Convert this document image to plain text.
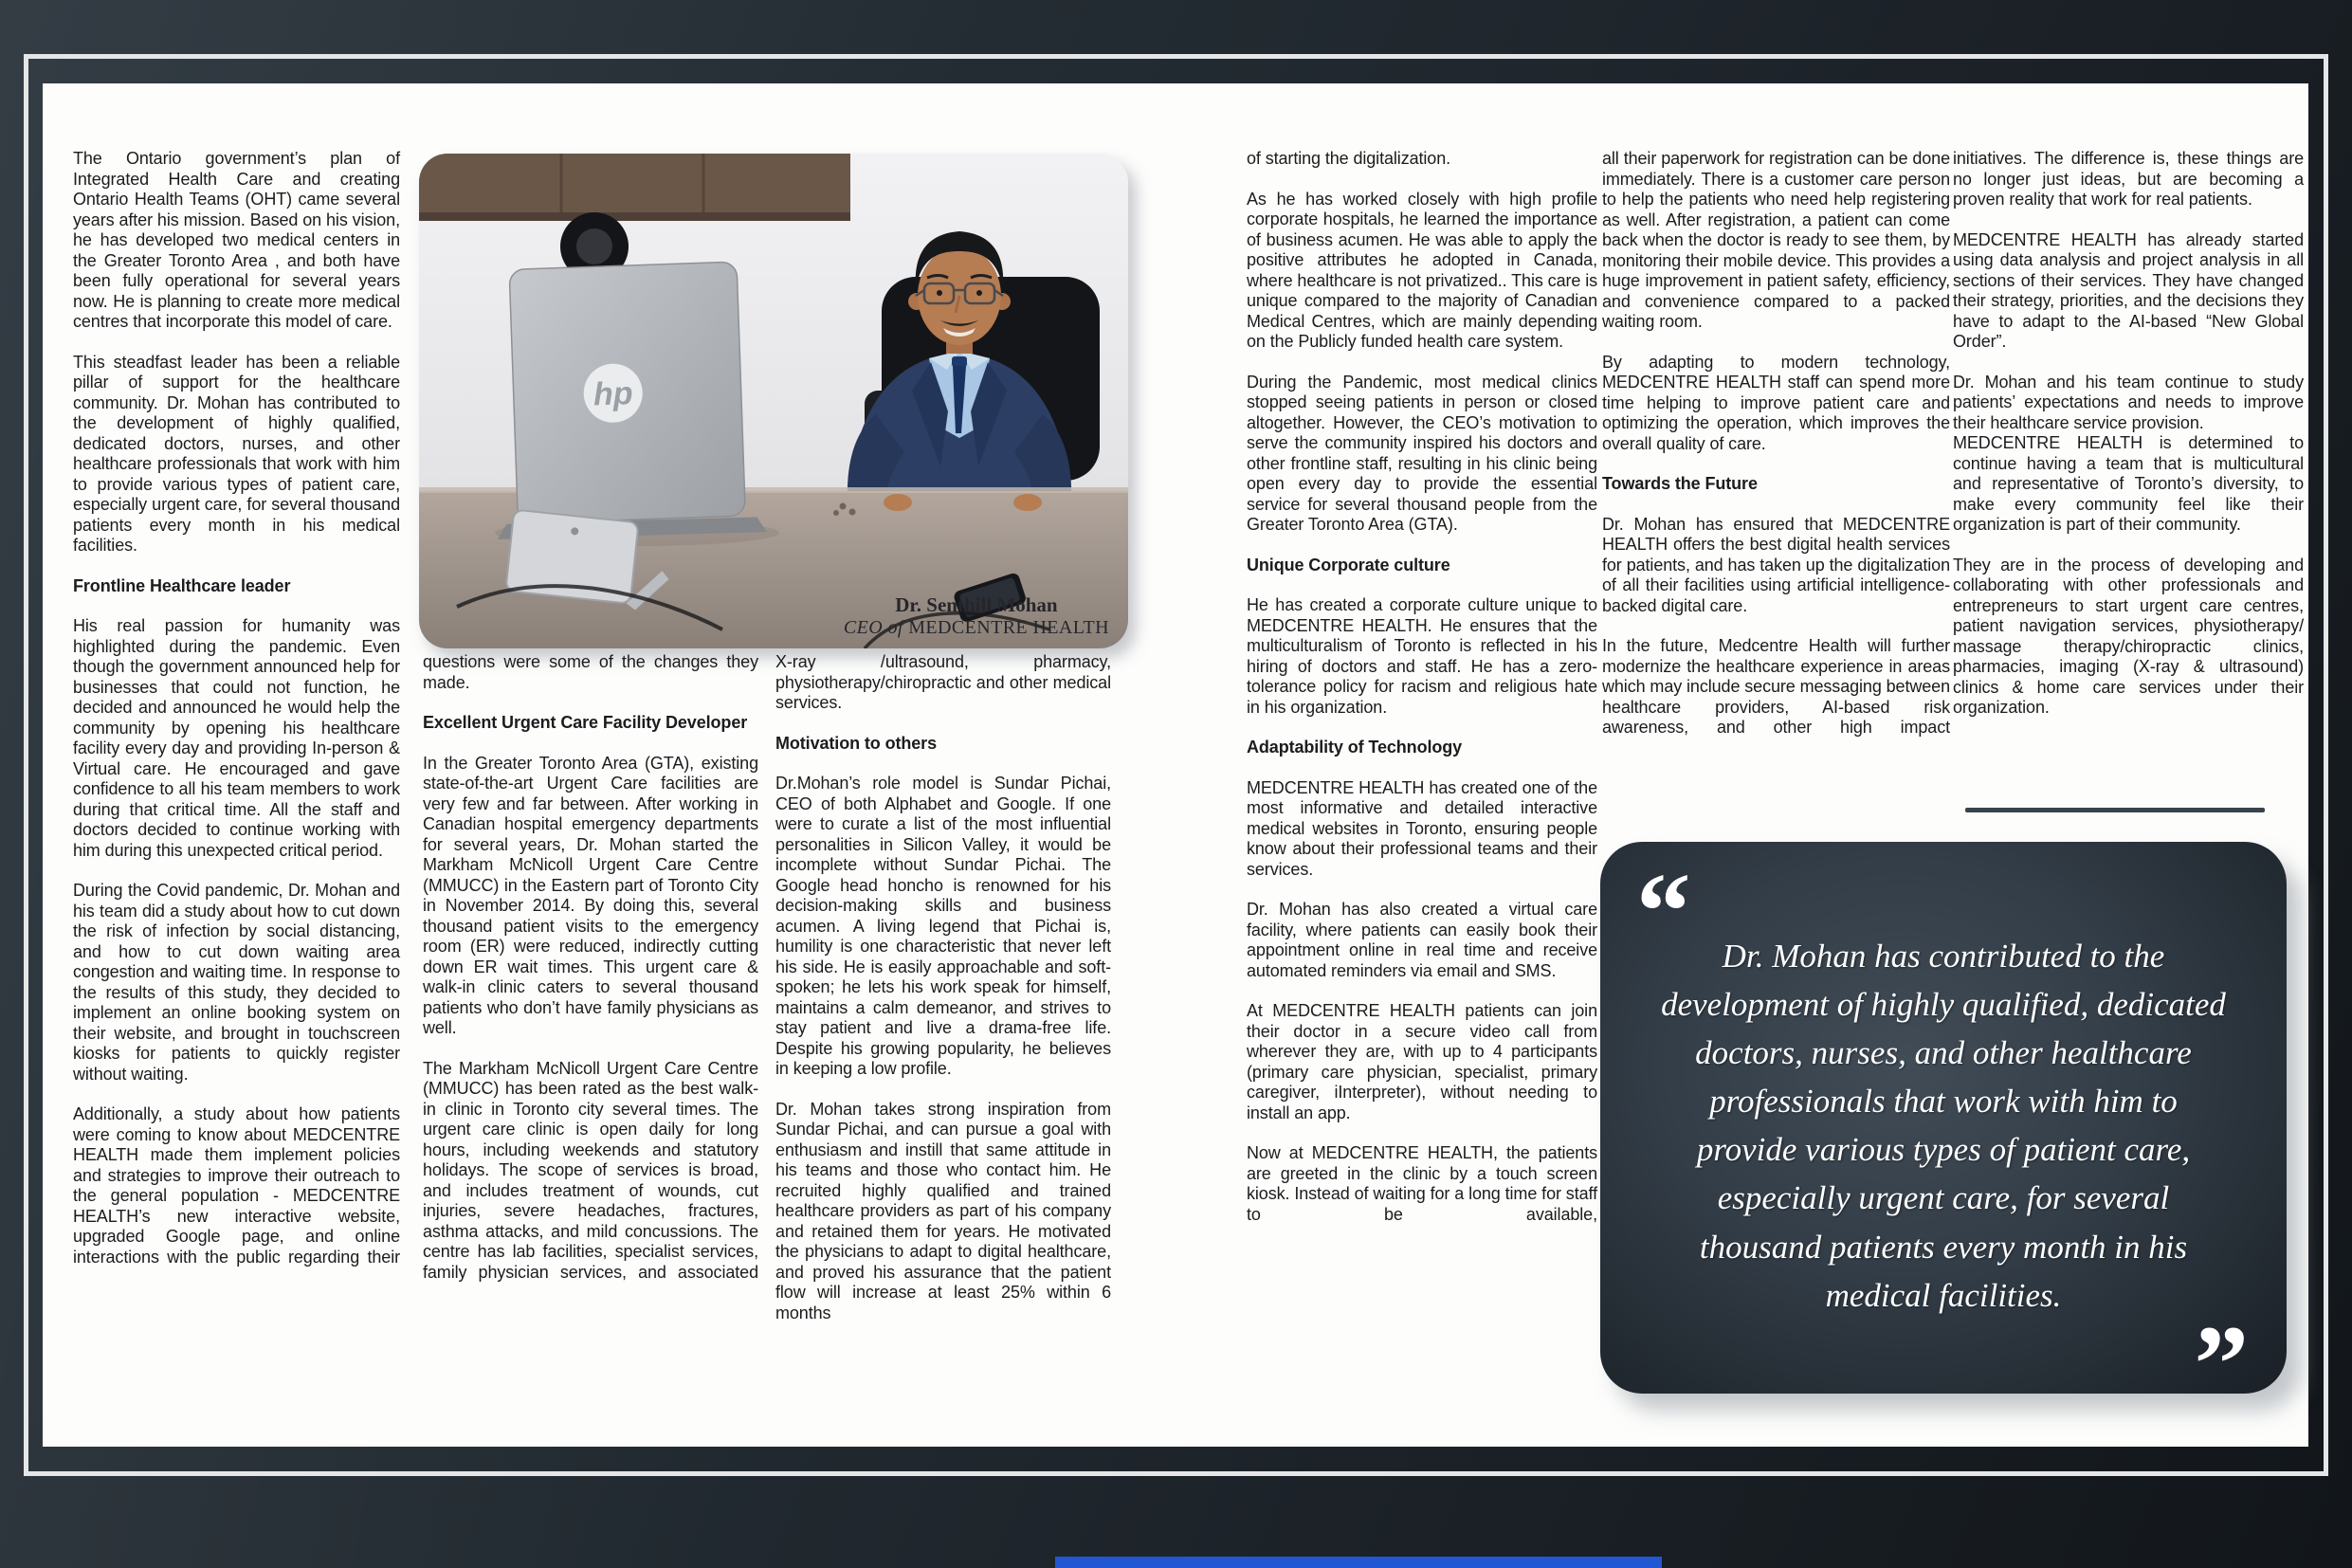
hp
Dr. Senthill Mohan
CEO of MEDCENTRE HEALTH

The Ontario government’s plan of Integrated Health Care and creating Ontario Health Teams (OHT) came several years after his mission. Based on his vision, he has developed two medical centers in the Greater Toronto Area , and both have been fully operational for several years now. He is planning to create more medical centres that incorporate this model of care.

This steadfast leader has been a reliable pillar of support for the healthcare community. Dr. Mohan has contributed to the development of highly qualified, dedicated doctors, nurses, and other healthcare professionals that work with him to provide various types of patient care, especially urgent care, for several thousand patients every month in his medical facilities.

Frontline Healthcare leader

His real passion for humanity was highlighted during the pandemic. Even though the government announced help for businesses that could not function, he decided and announced he would help the community by opening his healthcare facility every day and providing In-person & Virtual care. He encouraged and gave confidence to all his team members to work during that critical time. All the staff and doctors decided to continue working with him during this unexpected critical period.

During the Covid pandemic, Dr. Mohan and his team did a study about how to cut down the risk of infection by social distancing, and how to cut down waiting area congestion and waiting time. In response to the results of this study, they decided to implement an online booking system on their website, and brought in touchscreen kiosks for patients to quickly register without waiting.

Additionally, a study about how patients were coming to know about MEDCENTRE HEALTH made them implement policies and strategies to improve their outreach to the general population - MEDCENTRE HEALTH’s new interactive website, upgraded Google page, and online interactions with the public regarding their

questions were some of the changes they made.

Excellent Urgent Care Facility Developer

In the Greater Toronto Area (GTA), existing state-of-the-art Urgent Care facilities are very few and far between. After working in Canadian hospital emergency departments for several years, Dr. Mohan started the Markham McNicoll Urgent Care Centre (MMUCC) in the Eastern part of Toronto City in November 2014. By doing this, several thousand patient visits to the emergency room (ER) were reduced, indirectly cutting down ER wait times. This urgent care & walk-in clinic caters to several thousand patients who don’t have family physicians as well.

The Markham McNicoll Urgent Care Centre (MMUCC) has been rated as the best walk-in clinic in Toronto city several times. The urgent care clinic is open daily for long hours, including weekends and statutory holidays. The scope of services is broad, and includes treatment of wounds, cut injuries, severe headaches, fractures, asthma attacks, and mild concussions. The centre has lab facilities, specialist services, family physician services, and associated

X-ray /ultrasound, pharmacy, physiotherapy/chiropractic and other medical services.

Motivation to others

Dr.Mohan’s role model is Sundar Pichai, CEO of both Alphabet and Google. If one were to curate a list of the most influential personalities in Silicon Valley, it would be incomplete without Sundar Pichai. The Google head honcho is renowned for his decision-making skills and business acumen. A living legend that Pichai is, humility is one characteristic that never left his side. He is easily approachable and soft-spoken; he lets his work speak for himself, maintains a calm demeanor, and strives to stay patient and live a drama-free life. Despite his growing popularity, he believes in keeping a low profile.

Dr. Mohan takes strong inspiration from Sundar Pichai, and can pursue a goal with enthusiasm and instill that same attitude in his teams and those who contact him. He recruited highly qualified and trained healthcare providers as part of his company and retained them for years. He motivated the physicians to adapt to digital healthcare, and proved his assurance that the patient flow will increase at least 25% within 6 months

of starting the digitalization.

As he has worked closely with high profile corporate hospitals, he learned the importance of business acumen. He was able to apply the positive attributes he adopted in Canada, where healthcare is not privatized.. This care is unique compared to the majority of Canadian Medical Centres, which are mainly depending on the Publicly funded health care system.

During the Pandemic, most medical clinics stopped seeing patients in person or closed altogether. However, the CEO’s motivation to serve the community inspired his doctors and other frontline staff, resulting in his clinic being open every day to provide the essential service for several thousand people from the Greater Toronto Area (GTA).

Unique Corporate culture

He has created a corporate culture unique to MEDCENTRE HEALTH. He ensures that the multiculturalism of Toronto is reflected in his hiring of doctors and staff. He has a zero-tolerance policy for racism and religious hate in his organization.

Adaptability of Technology

MEDCENTRE HEALTH has created one of the most informative and detailed interactive medical websites in Toronto, ensuring people know about their professional teams and their services.

Dr. Mohan has also created a virtual care facility, where patients can easily book their appointment online in real time and receive automated reminders via email and SMS.

At MEDCENTRE HEALTH patients can join their doctor in a secure video call from wherever they are, with up to 4 participants (primary care physician, specialist, primary caregiver, iInterpreter), without needing to install an app.

Now at MEDCENTRE HEALTH, the patients are greeted in the clinic by a touch screen kiosk. Instead of waiting for a long time for staff to be available,

all their paperwork for registration can be done immediately. There is a customer care person to help the patients who need help registering as well. After registration, a patient can come back when the doctor is ready to see them, by monitoring their mobile device. This provides a huge improvement in patient safety, efficiency, and convenience compared to a packed waiting room.

By adapting to modern technology, MEDCENTRE HEALTH staff can spend more time helping to improve patient care and optimizing the operation, which improves the overall quality of care.

Towards the Future

Dr. Mohan has ensured that MEDCENTRE HEALTH offers the best digital health services for patients, and has taken up the digitalization of all their facilities using artificial intelligence-backed digital care.

In the future, Medcentre Health will further modernize the healthcare experience in areas which may include secure messaging between healthcare providers, AI-based risk awareness, and other high impact

initiatives. The difference is, these things are no longer just ideas, but are becoming a proven reality that work for real patients.

MEDCENTRE HEALTH has already started using data analysis and project analysis in all sections of their services. They have changed their strategy, priorities, and the decisions they have to adapt to the AI-based “New Global Order”.

Dr. Mohan and his team continue to study patients’ expectations and needs to improve their healthcare service provision.

MEDCENTRE HEALTH is determined to continue having a team that is multicultural and representative of Toronto’s diversity, to make every community feel like their organization is part of their community.

They are in the process of developing and collaborating with other professionals and entrepreneurs to start urgent care centres, patient navigation services, physiotherapy/ massage therapy/chiropractic clinics, pharmacies, imaging (X-ray & ultrasound) clinics & home care services under their organization.

“ Dr. Mohan has contributed to the development of highly qualified, dedicated doctors, nurses, and other healthcare professionals that work with him to provide various types of patient care, especially urgent care, for several thousand patients every month in his medical facilities.

”
